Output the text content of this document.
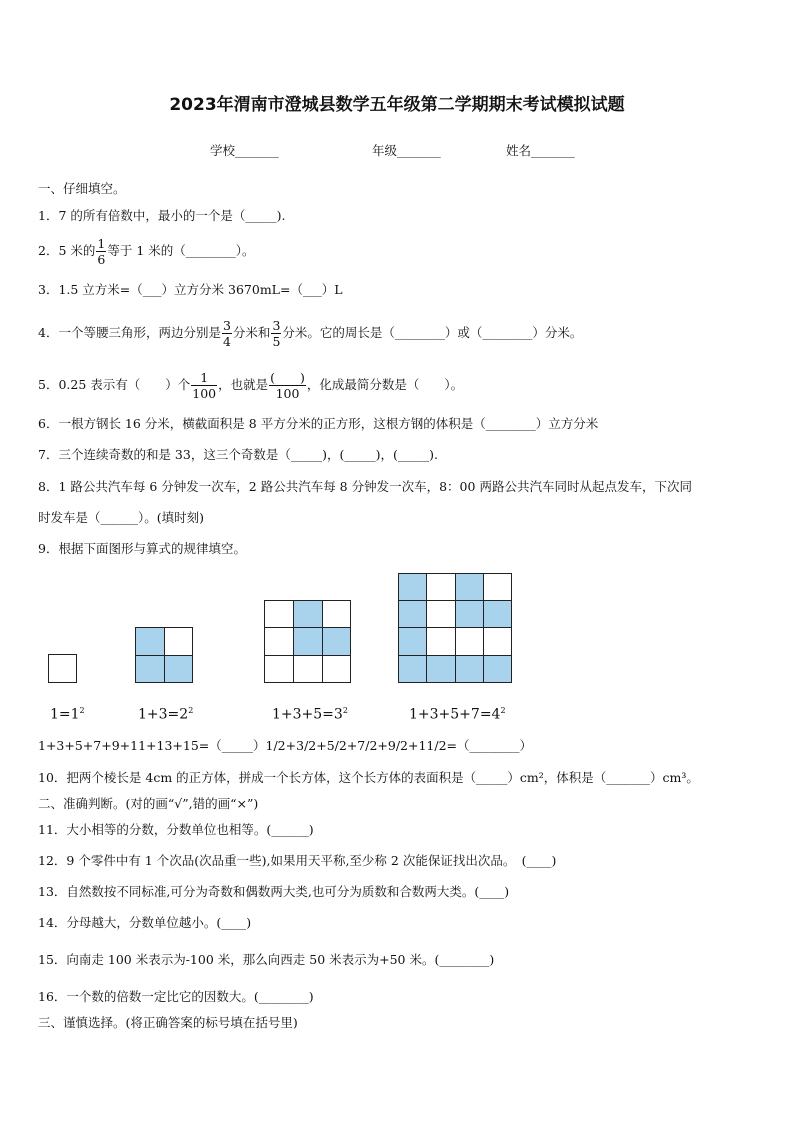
2023年渭南市澄城县数学五年级第二学期期末考试模拟试题
学校_______	年级_______	姓名_______
一、仔细填空。
1．7 的所有倍数中，最小的一个是（_____).
2．5 米的 $\frac{1}{6}$ 等于 1 米的（________）。
3．1.5 立方米=（___）立方分米 3670mL=（___）L
4．一个等腰三角形，两边分别是 $\frac{3}{4}$ 分米和 $\frac{3}{5}$ 分米。它的周长是（________）或（________）分米。
5．0.25 表示有（　　）个 $\frac{1}{100}$ ，也就是 $\frac{( )}{100}$ ，化成最简分数是（　　）。
6．一根方钢长 16 分米，横截面积是 8 平方分米的正方形，这根方钢的体积是（________）立方分米
7．三个连续奇数的和是 33，这三个奇数是（_____)，(_____)，(_____).
8．1 路公共汽车每 6 分钟发一次车，2 路公共汽车每 8 分钟发一次车，8：00 两路公共汽车同时从起点发车，下次同
时发车是（______）。(填时刻)
9．根据下面图形与算式的规律填空。
$1=1^2$	$1+3=2^2$	$1+3+5=3^2$	$1+3+5+7=4^2$
1+3+5+7+9+11+13+15=（_____）1/2+3/2+5/2+7/2+9/2+11/2=（________）
10．把两个棱长是 4cm 的正方体，拼成一个长方体，这个长方体的表面积是（_____）cm²，体积是（_______）cm³。
二、准确判断。(对的画“√”,错的画“×”)
11．大小相等的分数，分数单位也相等。(______)
12．9 个零件中有 1 个次品(次品重一些),如果用天平称,至少称 2 次能保证找出次品。　(____)
13．自然数按不同标准,可分为奇数和偶数两大类,也可分为质数和合数两大类。(____)
14．分母越大，分数单位越小。(____)
15．向南走 100 米表示为-100 米，那么向西走 50 米表示为+50 米。(________)
16．一个数的倍数一定比它的因数大。(________)
三、谨慎选择。(将正确答案的标号填在括号里)
